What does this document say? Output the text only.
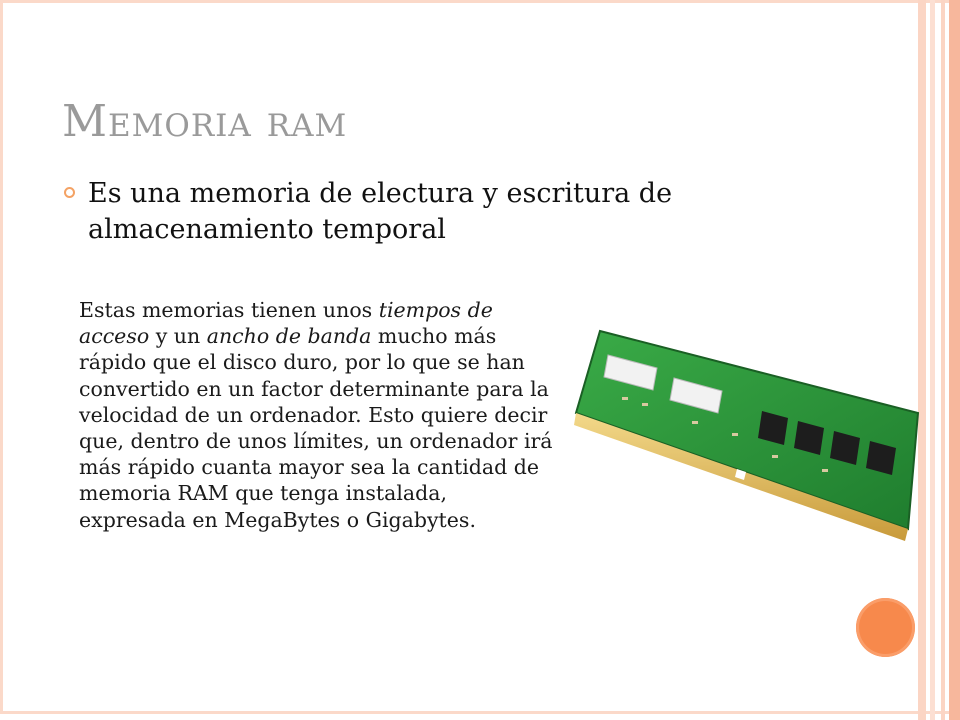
Memoria ram

Es una memoria de electura y escritura de almacenamiento temporal

Estas memorias tienen unos tiempos de acceso y un ancho de banda mucho más rápido que el disco duro, por lo que se han convertido en un factor determinante para la velocidad de un ordenador. Esto quiere decir que, dentro de unos límites, un ordenador irá más rápido cuanta mayor sea la cantidad de memoria RAM que tenga instalada, expresada en MegaBytes o Gigabytes.
